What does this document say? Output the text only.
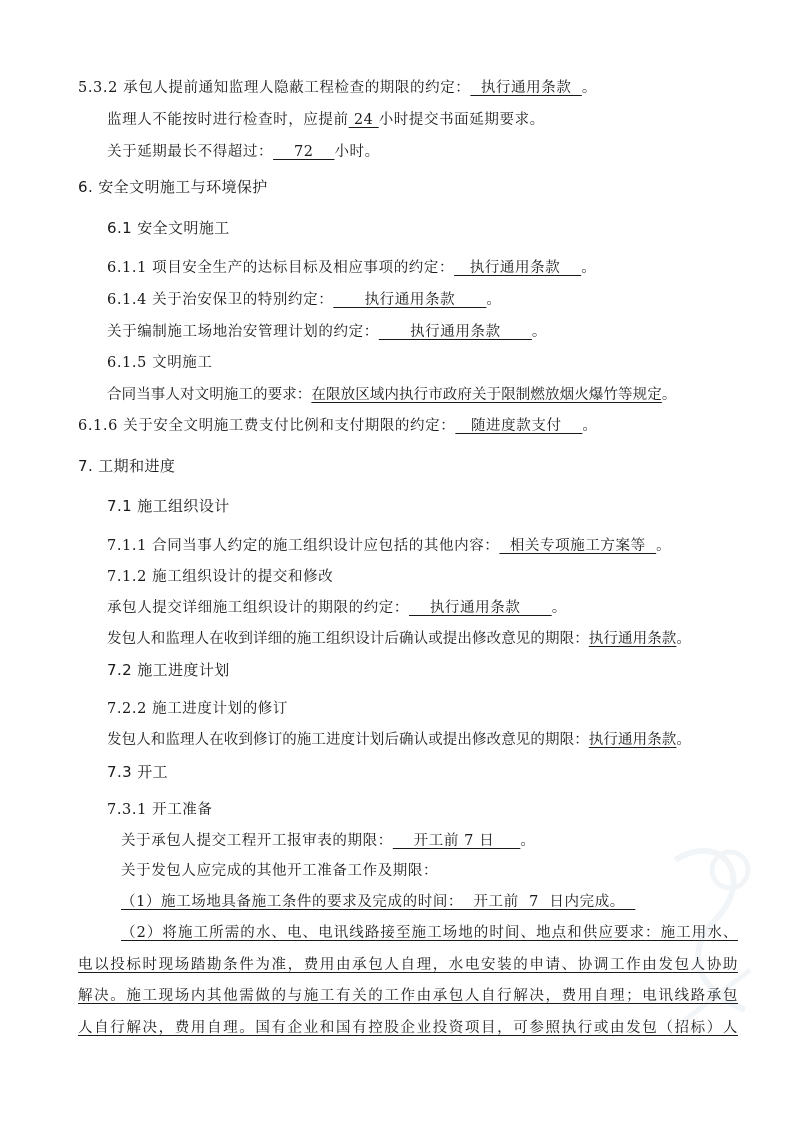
5.3.2 承包人提前通知监理人隐蔽工程检查的期限的约定：  执行通用条款  。
监理人不能按时进行检查时，应提前 24 小时提交书面延期要求。
关于延期最长不得超过：    72    小时。
6. 安全文明施工与环境保护
6.1 安全文明施工
6.1.1 项目安全生产的达标目标及相应事项的约定：   执行通用条款    。
6.1.4 关于治安保卫的特别约定：      执行通用条款      。
关于编制施工场地治安管理计划的约定：      执行通用条款      。
6.1.5 文明施工
合同当事人对文明施工的要求：在限放区域内执行市政府关于限制燃放烟火爆竹等规定。
6.1.6 关于安全文明施工费支付比例和支付期限的约定：   随进度款支付    。
7. 工期和进度
7.1 施工组织设计
7.1.1 合同当事人约定的施工组织设计应包括的其他内容：  相关专项施工方案等  。
7.1.2 施工组织设计的提交和修改
承包人提交详细施工组织设计的期限的约定：    执行通用条款      。
发包人和监理人在收到详细的施工组织设计后确认或提出修改意见的期限：执行通用条款。
7.2 施工进度计划
7.2.2 施工进度计划的修订
发包人和监理人在收到修订的施工进度计划后确认或提出修改意见的期限：执行通用条款。
7.3 开工
7.3.1 开工准备
关于承包人提交工程开工报审表的期限：    开工前 7 日     。
关于发包人应完成的其他开工准备工作及期限：
（1）施工场地具备施工条件的要求及完成的时间：  开工前  7  日内完成。
（2）将施工所需的水、电、电讯线路接至施工场地的时间、地点和供应要求：施工用水、
电以投标时现场踏勘条件为准，费用由承包人自理，水电安装的申请、协调工作由发包人协助
解决。施工现场内其他需做的与施工有关的工作由承包人自行解决，费用自理；电讯线路承包
人自行解决，费用自理。国有企业和国有控股企业投资项目，可参照执行或由发包（招标）人
